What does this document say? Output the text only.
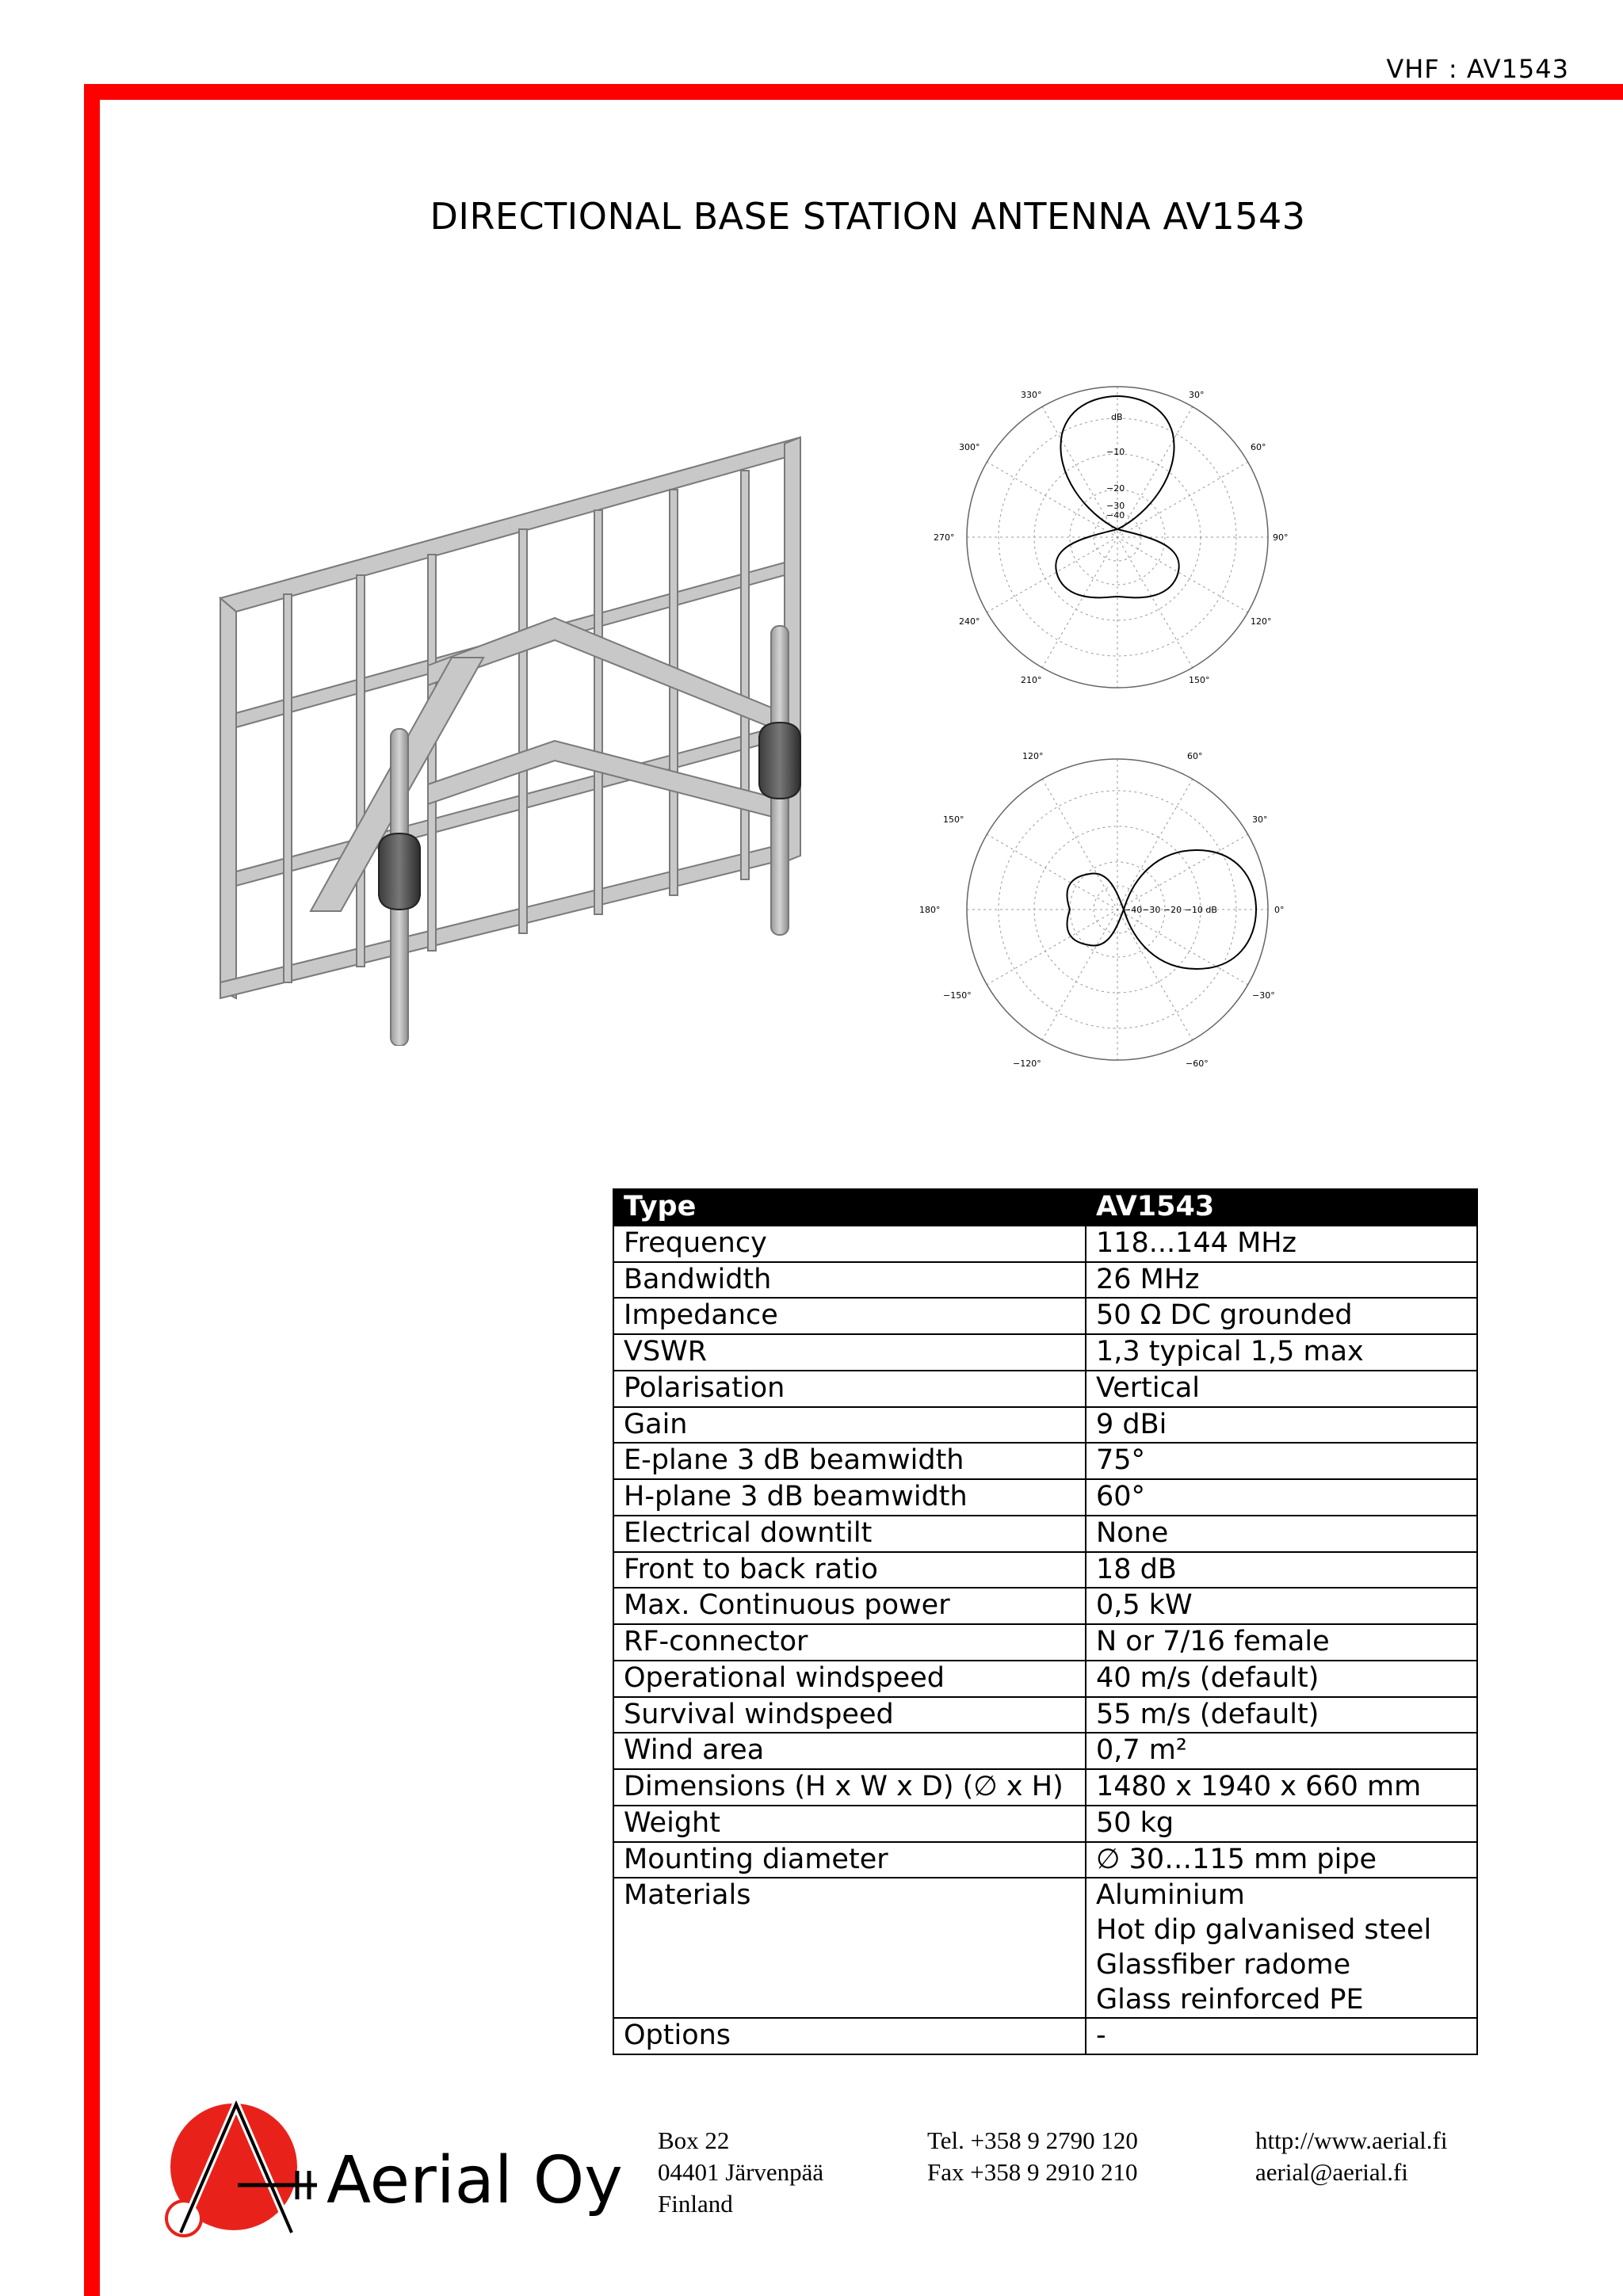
VHF : AV1543
DIRECTIONAL BASE STATION ANTENNA AV1543
330°	30°
300°	60°
270°	90°
240°	120°
210°	150°
dB
−10
−20
−30
−40
120°	60°
150°	30°
180°	0°
−150°	−30°
−120°	−60°
−40−30 −20 −10 dB
Type	AV1543
Frequency	118...144 MHz
Bandwidth	26 MHz
Impedance	50 Ω DC grounded
VSWR	1,3 typical 1,5 max
Polarisation	Vertical
Gain	9 dBi
E-plane 3 dB beamwidth	75°
H-plane 3 dB beamwidth	60°
Electrical downtilt	None
Front to back ratio	18 dB
Max. Continuous power	0,5 kW
RF-connector	N or 7/16 female
Operational windspeed	40 m/s (default)
Survival windspeed	55 m/s (default)
Wind area	0,7 m²
Dimensions (H x W x D) (∅ x H)	1480 x 1940 x 660 mm
Weight	50 kg
Mounting diameter	∅ 30…115 mm pipe
Materials	Aluminium
Hot dip galvanised steel
Glassfiber radome
Glass reinforced PE

Options	-
Aerial Oy
Box 22
04401 Järvenpää
Finland
Tel. +358 9 2790 120
Fax +358 9 2910 210
http://www.aerial.fi
aerial@aerial.fi
